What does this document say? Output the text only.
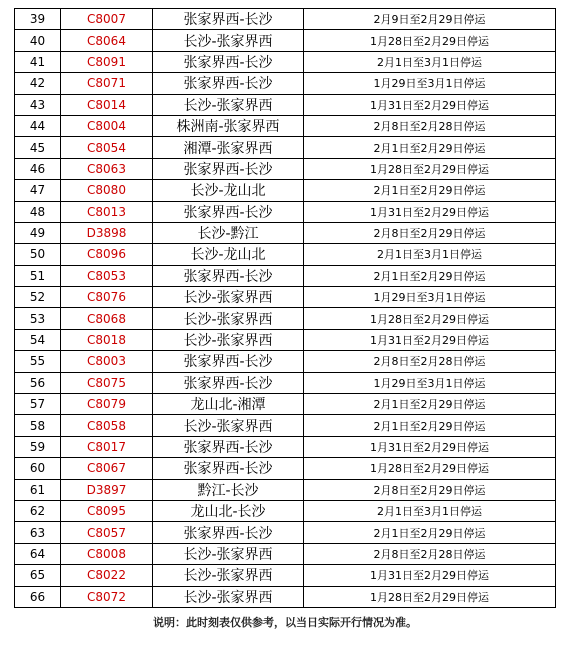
39	C8007	张家界西-长沙	2月9日至2月29日停运
40	C8064	长沙-张家界西	1月28日至2月29日停运
41	C8091	张家界西-长沙	2月1日至3月1日停运
42	C8071	张家界西-长沙	1月29日至3月1日停运
43	C8014	长沙-张家界西	1月31日至2月29日停运
44	C8004	株洲南-张家界西	2月8日至2月28日停运
45	C8054	湘潭-张家界西	2月1日至2月29日停运
46	C8063	张家界西-长沙	1月28日至2月29日停运
47	C8080	长沙-龙山北	2月1日至2月29日停运
48	C8013	张家界西-长沙	1月31日至2月29日停运
49	D3898	长沙-黔江	2月8日至2月29日停运
50	C8096	长沙-龙山北	2月1日至3月1日停运
51	C8053	张家界西-长沙	2月1日至2月29日停运
52	C8076	长沙-张家界西	1月29日至3月1日停运
53	C8068	长沙-张家界西	1月28日至2月29日停运
54	C8018	长沙-张家界西	1月31日至2月29日停运
55	C8003	张家界西-长沙	2月8日至2月28日停运
56	C8075	张家界西-长沙	1月29日至3月1日停运
57	C8079	龙山北-湘潭	2月1日至2月29日停运
58	C8058	长沙-张家界西	2月1日至2月29日停运
59	C8017	张家界西-长沙	1月31日至2月29日停运
60	C8067	张家界西-长沙	1月28日至2月29日停运
61	D3897	黔江-长沙	2月8日至2月29日停运
62	C8095	龙山北-长沙	2月1日至3月1日停运
63	C8057	张家界西-长沙	2月1日至2月29日停运
64	C8008	长沙-张家界西	2月8日至2月28日停运
65	C8022	长沙-张家界西	1月31日至2月29日停运
66	C8072	长沙-张家界西	1月28日至2月29日停运
说明：此时刻表仅供参考，以当日实际开行情况为准。
